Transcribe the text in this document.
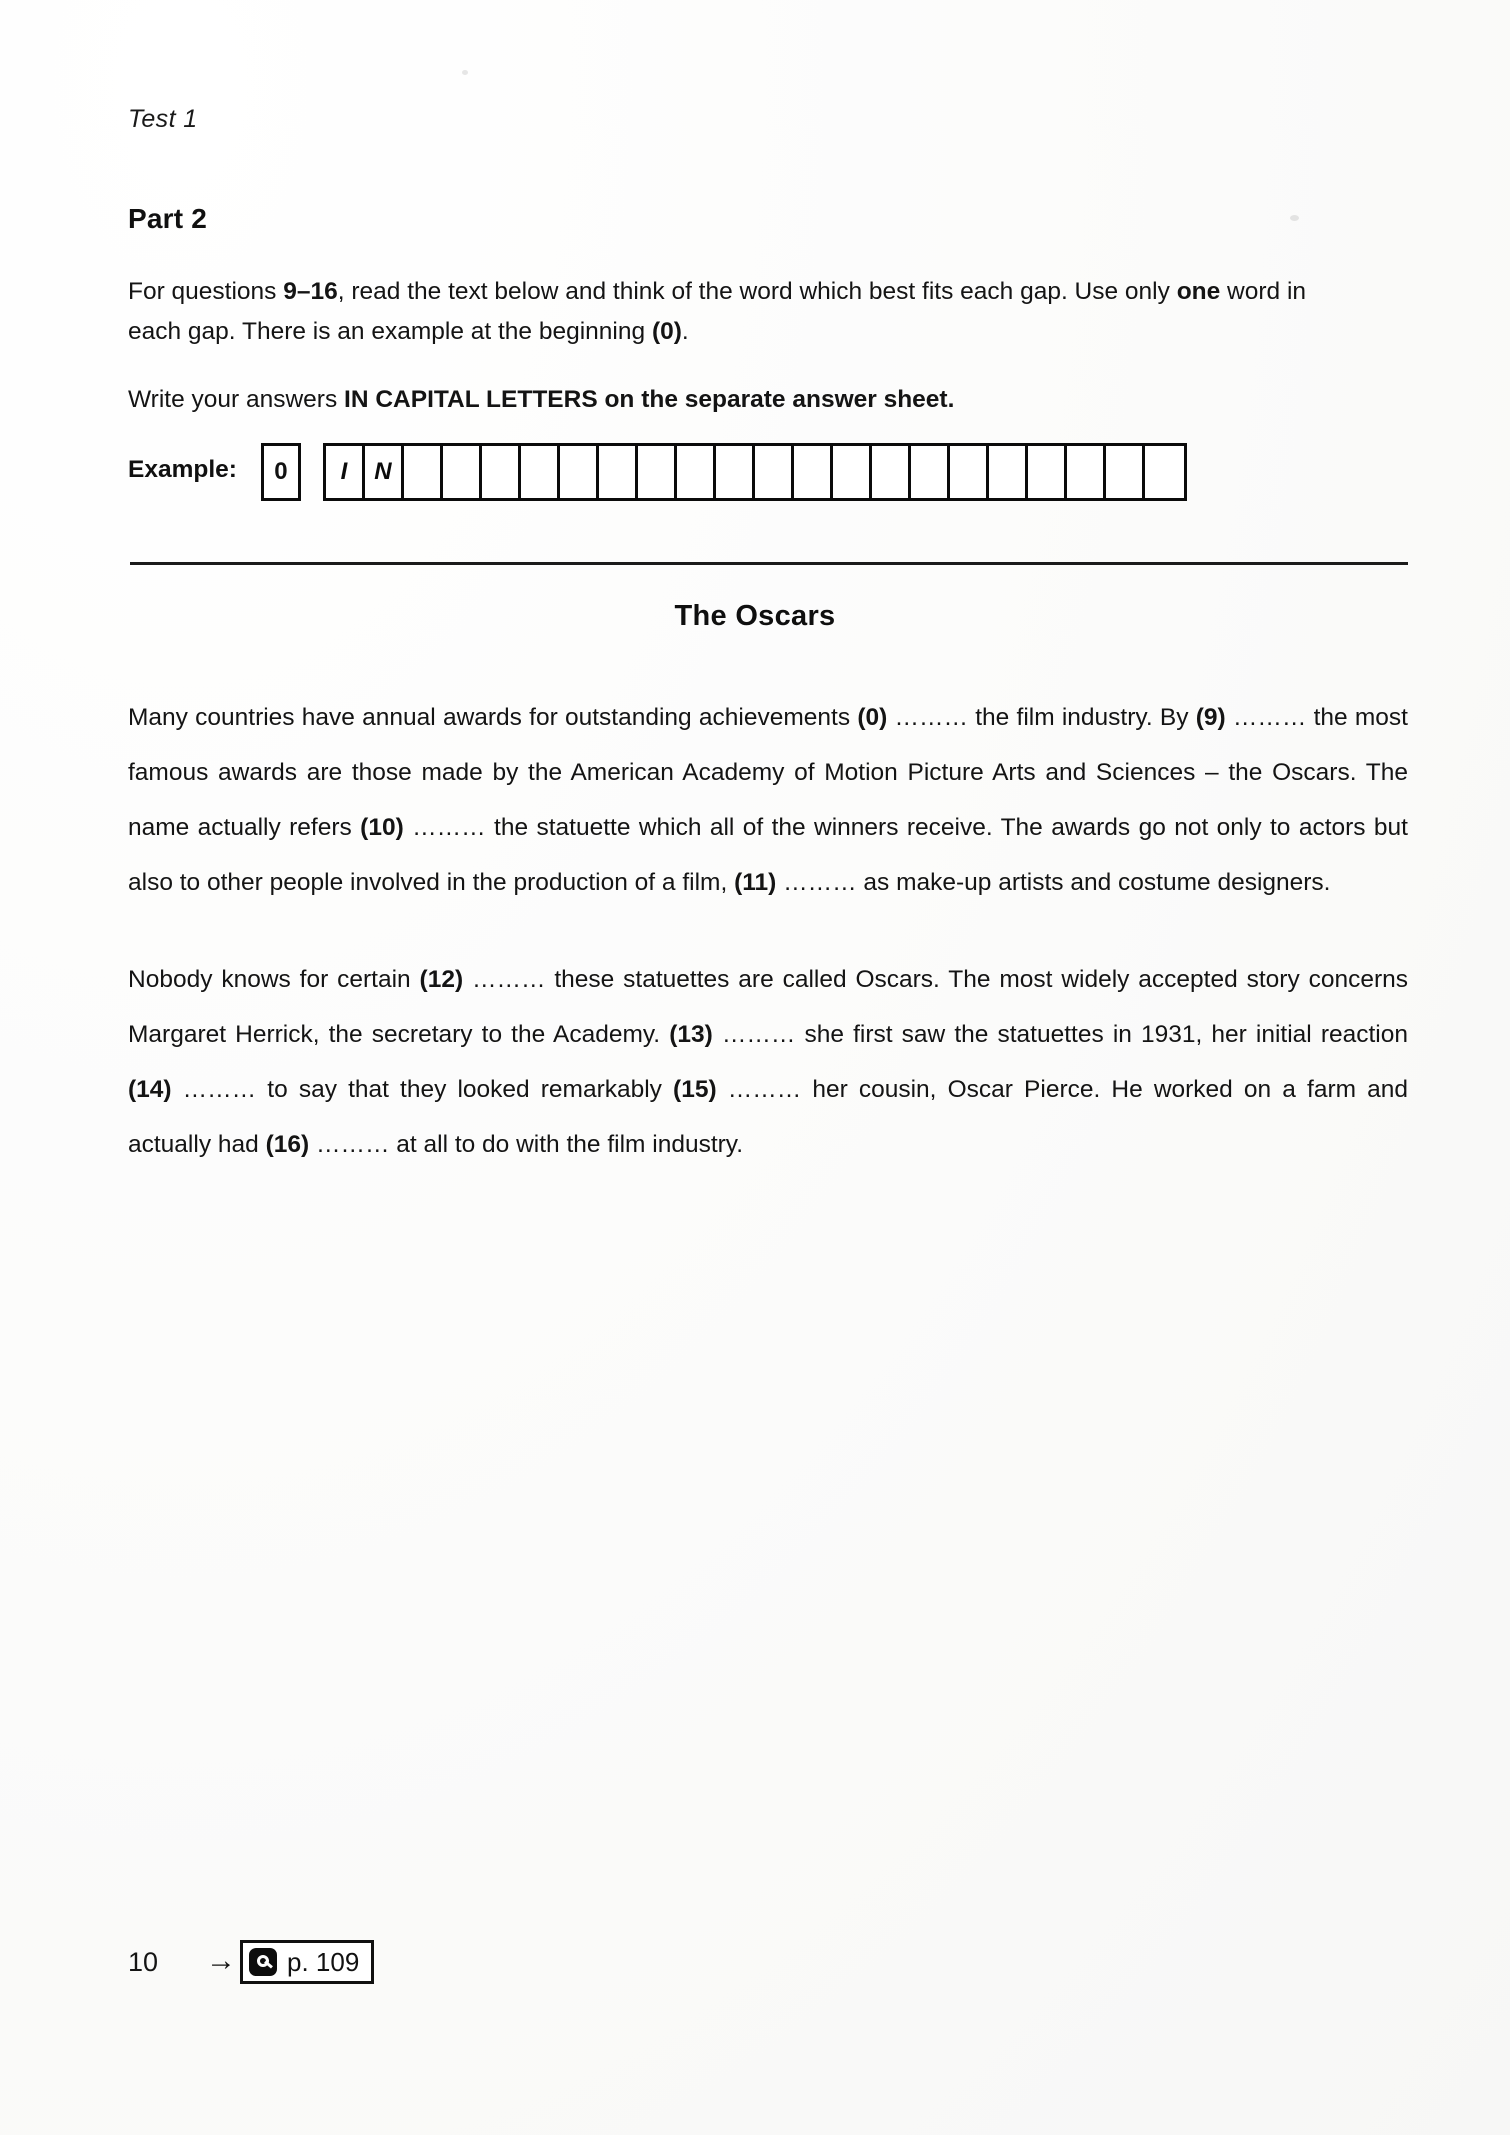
Test 1
Part 2
For questions 9–16, read the text below and think of the word which best fits each gap. Use only one word in each gap. There is an example at the beginning (0).
Write your answers IN CAPITAL LETTERS on the separate answer sheet.
Example:	0	I	N
The Oscars

Many countries have annual awards for outstanding achievements (0) ……… the film industry. By (9) ……… the most famous awards are those made by the American Academy of Motion Picture Arts and Sciences – the Oscars. The name actually refers (10) ……… the statuette which all of the winners receive. The awards go not only to actors but also to other people involved in the production of a film, (11) ……… as make-up artists and costume designers.

Nobody knows for certain (12) ……… these statuettes are called Oscars. The most widely accepted story concerns Margaret Herrick, the secretary to the Academy. (13) ……… she first saw the statuettes in 1931, her initial reaction (14) ……… to say that they looked remarkably (15) ……… her cousin, Oscar Pierce. He worked on a farm and actually had (16) ……… at all to do with the film industry.

10	→ p. 109
